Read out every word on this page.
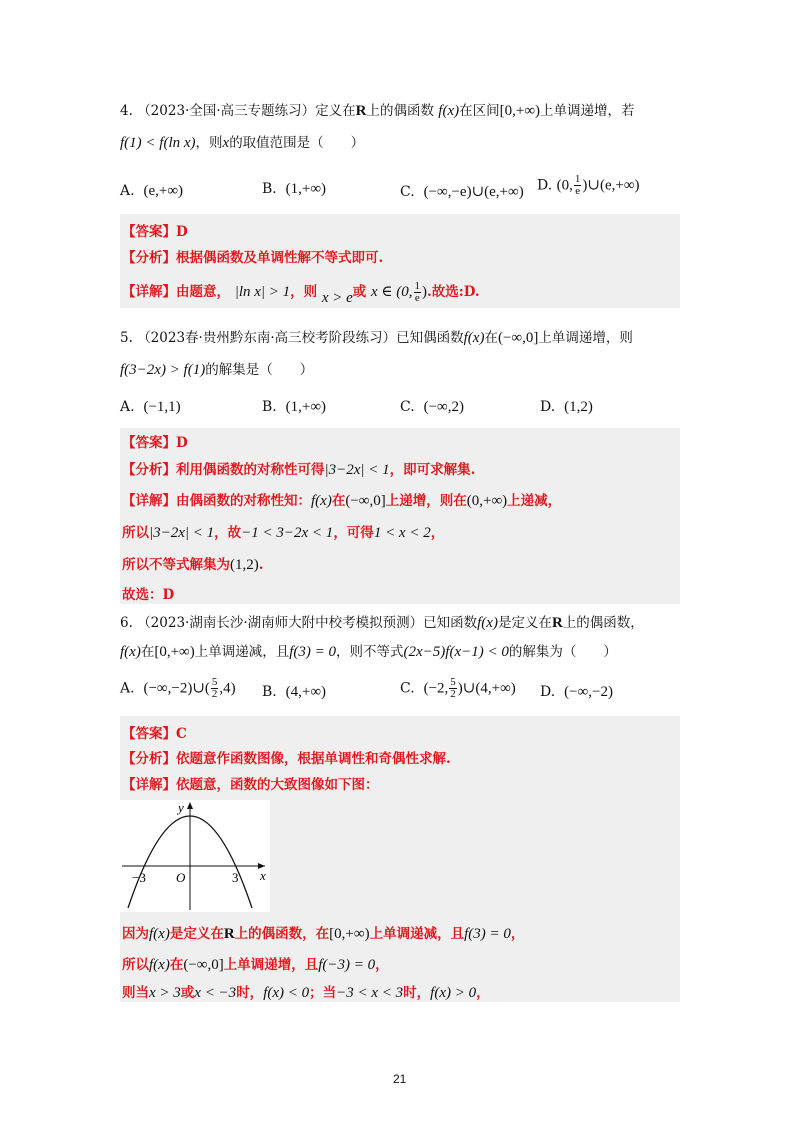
4. （2023·全国·高三专题练习）定义在R上的偶函数 f(x)在区间[0,+∞)上单调递增，若
f(1) < f(ln x)，则x的取值范围是（　　）
A. (e,+∞)	B. (1,+∞)	C. (−∞,−e)∪(e,+∞) D. (0, $\frac{1}{e}$ )∪(e,+∞)
【答案】D
【分析】根据偶函数及单调性解不等式即可.
【详解】由题意， |ln x| > 1，则 x > e或 x ∈ (0, $\frac{1}{e}$ ).故选:D.
5. （2023春·贵州黔东南·高三校考阶段练习）已知偶函数f(x)在(−∞,0]上单调递增，则
f(3−2x) > f(1)的解集是（　　）
A. (−1,1)	B. (1,+∞)	C. (−∞,2)	D. (1,2)
【答案】D
【分析】利用偶函数的对称性可得|3−2x| < 1，即可求解集.
【详解】由偶函数的对称性知：f(x)在(−∞,0]上递增，则在(0,+∞)上递减，
所以|3−2x| < 1，故−1 < 3−2x < 1，可得1 < x < 2，
所以不等式解集为(1,2).
故选：D
6. （2023·湖南长沙·湖南师大附中校考模拟预测）已知函数f(x)是定义在R上的偶函数，
f(x)在[0,+∞)上单调递减，且f(3) = 0，则不等式(2x−5)f(x−1) < 0的解集为（　　）
A. (−∞,−2)∪( $\frac{5}{2} ,4$) B. (4,+∞)	C. (−2, $\frac{5}{2}$ )∪(4,+∞) D. (−∞,−2)
【答案】C
【分析】依题意作函数图像，根据单调性和奇偶性求解.
【详解】依题意，函数的大致图像如下图：
因为f(x)是定义在R上的偶函数，在[0,+∞)上单调递减，且f(3) = 0，
所以f(x)在(−∞,0]上单调递增，且f(−3) = 0，
则当x > 3或x < −3时，f(x) < 0；当−3 < x < 3时，f(x) > 0，
y
x
O
−3	3
21
